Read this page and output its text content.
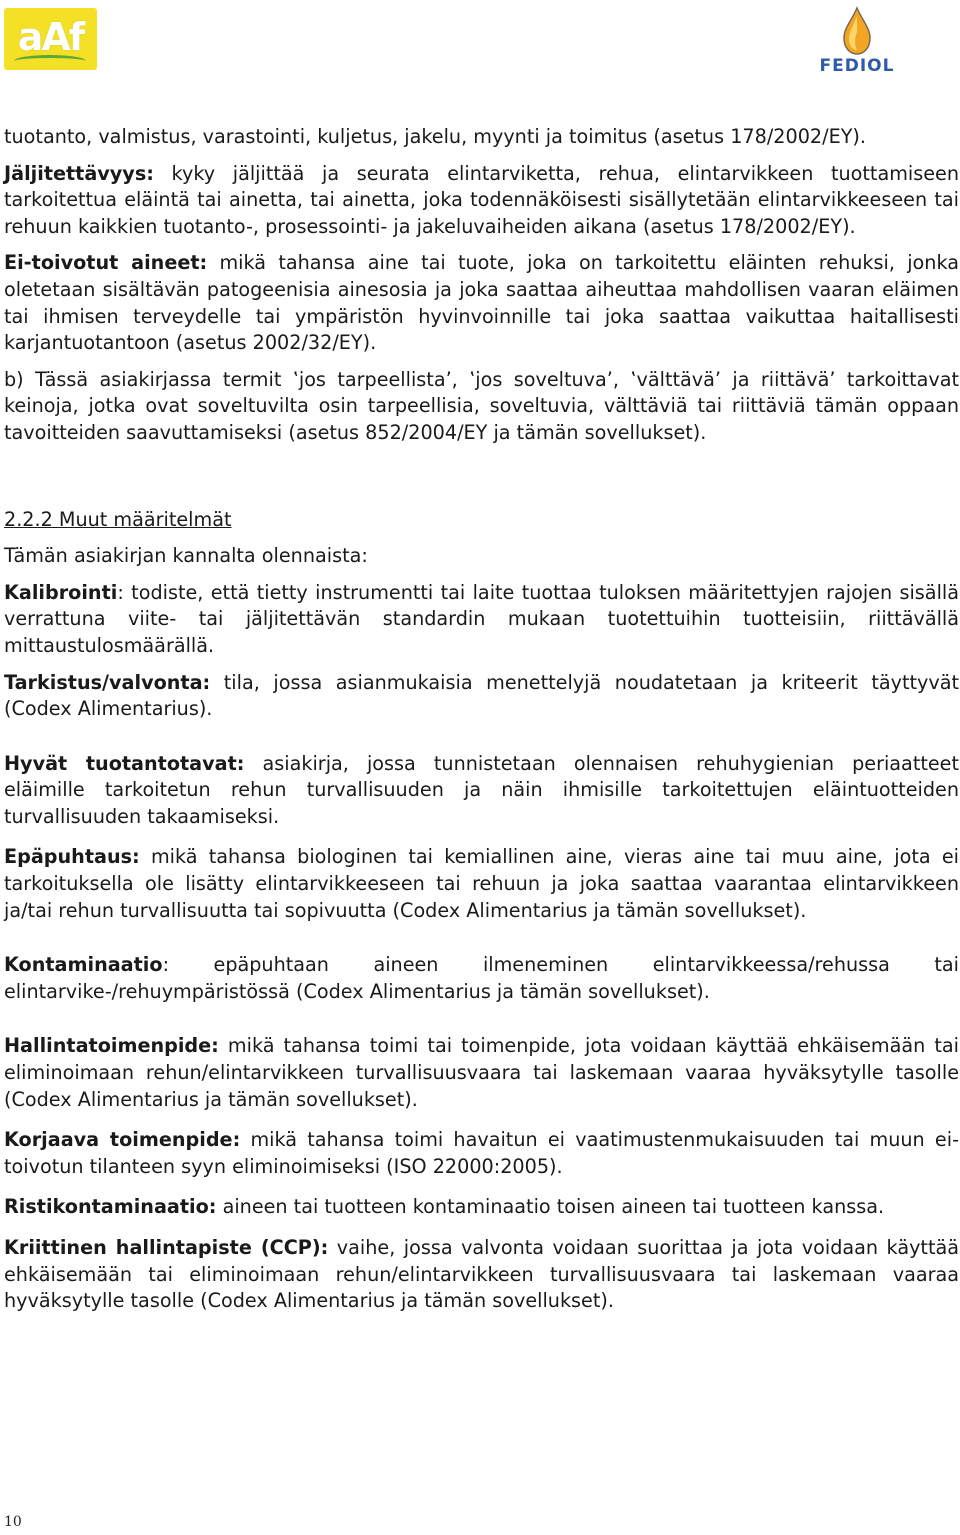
aAf
FEDIOL

tuotanto, valmistus, varastointi, kuljetus, jakelu, myynti ja toimitus (asetus 178/2002/EY).

Jäljitettävyys: kyky jäljittää ja seurata elintarviketta, rehua, elintarvikkeen tuottamiseen tarkoitettua eläintä tai ainetta, tai ainetta, joka todennäköisesti sisällytetään elintarvikkeeseen tai rehuun kaikkien tuotanto-, prosessointi- ja jakeluvaiheiden aikana (asetus 178/2002/EY).

Ei-toivotut aineet: mikä tahansa aine tai tuote, joka on tarkoitettu eläinten rehuksi, jonka oletetaan sisältävän patogeenisia ainesosia ja joka saattaa aiheuttaa mahdollisen vaaran eläimen tai ihmisen terveydelle tai ympäristön hyvinvoinnille tai joka saattaa vaikuttaa haitallisesti karjantuotantoon (asetus 2002/32/EY).

b) Tässä asiakirjassa termit ‛jos tarpeellista’, ‛jos soveltuva’, ‛välttävä’ ja riittävä’ tarkoittavat keinoja, jotka ovat soveltuvilta osin tarpeellisia, soveltuvia, välttäviä tai riittäviä tämän oppaan tavoitteiden saavuttamiseksi (asetus 852/2004/EY ja tämän sovellukset).

2.2.2 Muut määritelmät

Tämän asiakirjan kannalta olennaista:

Kalibrointi: todiste, että tietty instrumentti tai laite tuottaa tuloksen määritettyjen rajojen sisällä verrattuna viite- tai jäljitettävän standardin mukaan tuotettuihin tuotteisiin, riittävällä mittaustulosmäärällä.

Tarkistus/valvonta: tila, jossa asianmukaisia menettelyjä noudatetaan ja kriteerit täyttyvät (Codex Alimentarius).

Hyvät tuotantotavat: asiakirja, jossa tunnistetaan olennaisen rehuhygienian periaatteet eläimille tarkoitetun rehun turvallisuuden ja näin ihmisille tarkoitettujen eläintuotteiden turvallisuuden takaamiseksi.

Epäpuhtaus: mikä tahansa biologinen tai kemiallinen aine, vieras aine tai muu aine, jota ei tarkoituksella ole lisätty elintarvikkeeseen tai rehuun ja joka saattaa vaarantaa elintarvikkeen ja/tai rehun turvallisuutta tai sopivuutta (Codex Alimentarius ja tämän sovellukset).

Kontaminaatio: epäpuhtaan aineen ilmeneminen elintarvikkeessa/rehussa tai elintarvike-/rehuympäristössä (Codex Alimentarius ja tämän sovellukset).

Hallintatoimenpide: mikä tahansa toimi tai toimenpide, jota voidaan käyttää ehkäisemään tai eliminoimaan rehun/elintarvikkeen turvallisuusvaara tai laskemaan vaaraa hyväksytylle tasolle (Codex Alimentarius ja tämän sovellukset).

Korjaava toimenpide: mikä tahansa toimi havaitun ei vaatimustenmukaisuuden tai muun ei-toivotun tilanteen syyn eliminoimiseksi (ISO 22000:2005).

Ristikontaminaatio: aineen tai tuotteen kontaminaatio toisen aineen tai tuotteen kanssa.

Kriittinen hallintapiste (CCP): vaihe, jossa valvonta voidaan suorittaa ja jota voidaan käyttää ehkäisemään tai eliminoimaan rehun/elintarvikkeen turvallisuusvaara tai laskemaan vaaraa hyväksytylle tasolle (Codex Alimentarius ja tämän sovellukset).

10
